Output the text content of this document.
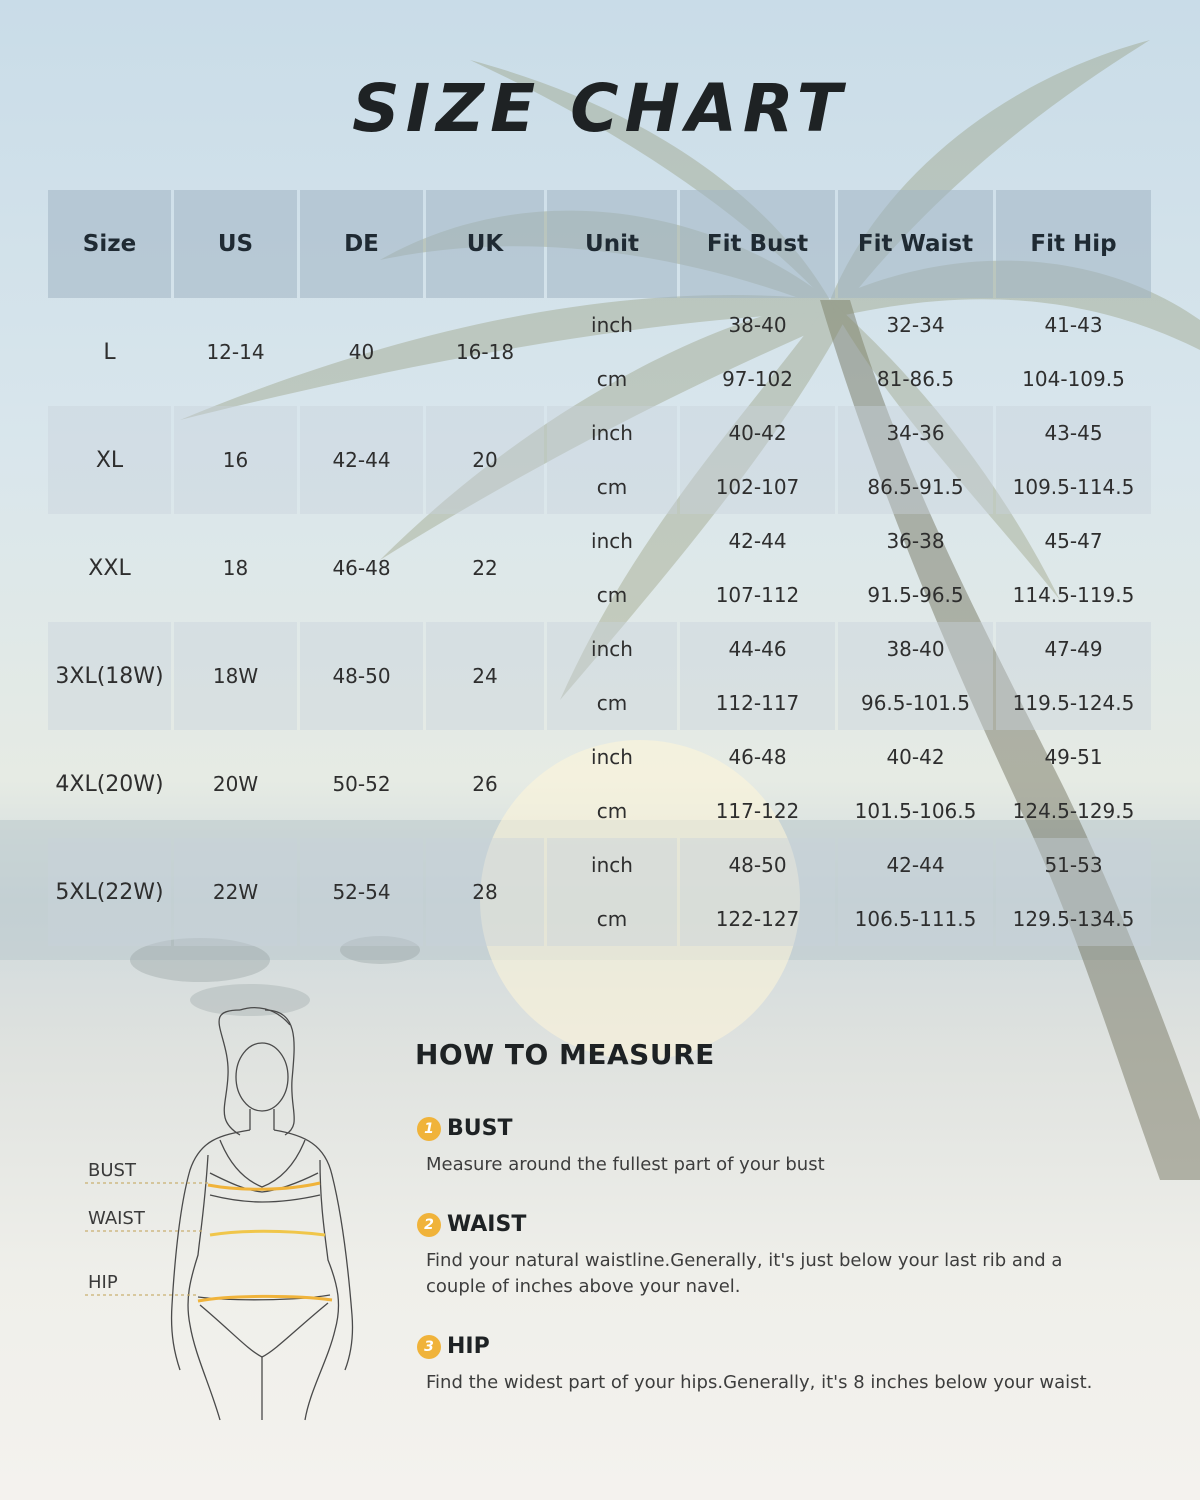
SIZE CHART
Size	US	DE	UK	Unit	Fit Bust	Fit Waist	Fit Hip
L	12-14	40	16-18	inch	38-40	32-34	41-43
				cm	97-102	81-86.5	104-109.5
XL	16	42-44	20	inch	40-42	34-36	43-45
				cm	102-107	86.5-91.5	109.5-114.5
XXL	18	46-48	22	inch	42-44	36-38	45-47
				cm	107-112	91.5-96.5	114.5-119.5
3XL(18W)	18W	48-50	24	inch	44-46	38-40	47-49
				cm	112-117	96.5-101.5	119.5-124.5
4XL(20W)	20W	50-52	26	inch	46-48	40-42	49-51
				cm	117-122	101.5-106.5	124.5-129.5
5XL(22W)	22W	52-54	28	inch	48-50	42-44	51-53
				cm	122-127	106.5-111.5	129.5-134.5
BUST
WAIST
HIP
HOW TO MEASURE
1 BUST
Measure around the fullest part of your bust
2 WAIST
Find your natural waistline.Generally, it's just below your last rib and a couple of inches above your navel.
3 HIP
Find the widest part of your hips.Generally, it's 8 inches below your waist.
